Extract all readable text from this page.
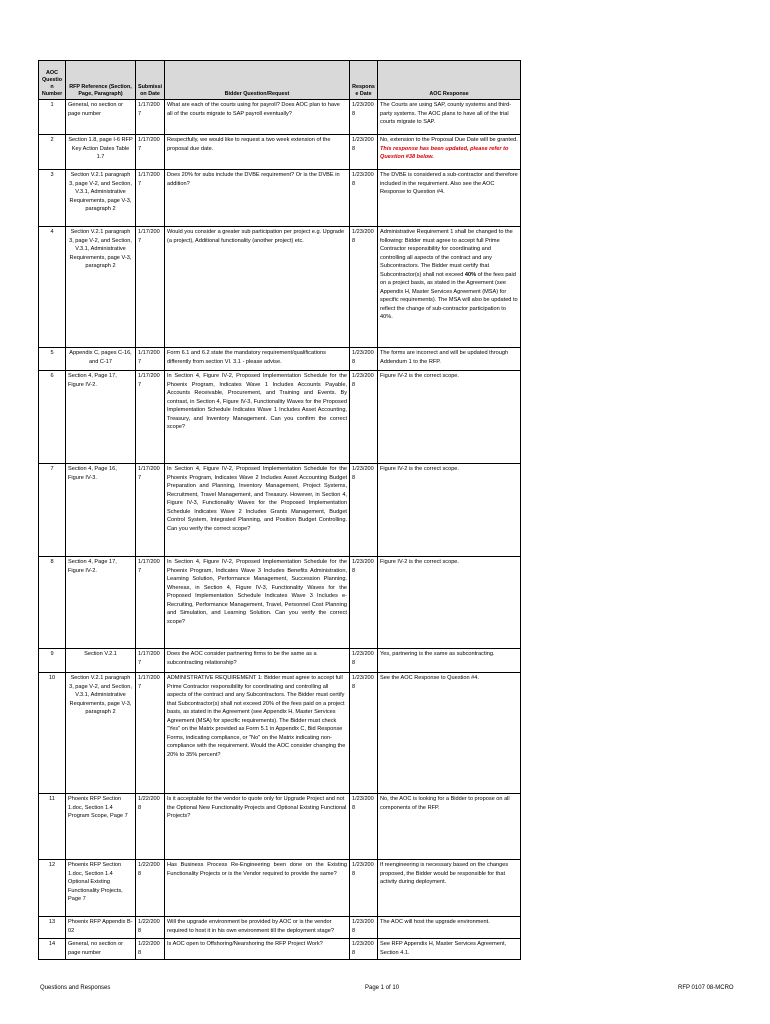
AOC Question Number	RFP Reference (Section, Page, Paragraph)	Submission Date	Bidder Question/Request	Response Date	AOC Response
1	General, no section or page number	1/17/2007	What are each of the courts using for payroll? Does AOC plan to have all of the courts migrate to SAP payroll eventually?	1/23/2008	The Courts are using SAP, county systems and third-party systems. The AOC plans to have all of the trial courts migrate to SAP.
2	Section 1.8, page I-6 RFP Key Action Dates Table 1.7	1/17/2007	Respectfully, we would like to request a two week extension of the proposal due date.	1/23/2008	No, extension to the Proposal Due Date will be granted.
This response has been updated, please refer to Question #38 below.

3	Section V.2.1 paragraph 3, page V-2, and Section, V.3.1, Administrative Requirements, page V-3, paragraph 2	1/17/2007	Does 20% for subs include the DVBE requirement? Or is the DVBE in addition?	1/23/2008	The DVBE is considered a sub-contractor and therefore included in the requirement. Also see the AOC Response to Question #4.
4	Section V.2.1 paragraph 3, page V-2, and Section, V.3.1, Administrative Requirements, page V-3, paragraph 2	1/17/2007	Would you consider a greater sub participation per project e.g. Upgrade (a project), Additional functionality (another project) etc.	1/23/2008	Administrative Requirement 1 shall be changed to the following: Bidder must agree to accept full Prime Contractor responsibility for coordinating and controlling all aspects of the contract and any Subcontractors. The Bidder must certify that Subcontractor(s) shall not exceed 40% of the fees paid on a project basis, as stated in the Agreement (see Appendix H, Master Services Agreement (MSA) for specific requirements). The MSA will also be updated to reflect the change of sub-contractor participation to 40%.
5	Appendix C, pages C-16, and C-17	1/17/2007	Form 6.1 and 6.2 state the mandatory requirement/qualifications differently from section VI. 3.1 - please advise.	1/23/2008	The forms are incorrect and will be updated through Addendum 1 to the RFP.
6	Section 4, Page 17, Figure IV-2.	1/17/2007	In Section 4, Figure IV-2, Proposed Implementation Schedule for the Phoenix Program, Indicates Wave 1 Includes Accounts Payable, Accounts Receivable, Procurement, and Training and Events. By contrast, in Section 4, Figure IV-3, Functionality Waves for the Proposed Implementation Schedule Indicates Wave 1 Includes Asset Accounting, Treasury, and Inventory Management. Can you confirm the correct scope?	1/23/2008	Figure IV-2 is the correct scope.
7	Section 4, Page 16, Figure IV-3.	1/17/2007	In Section 4, Figure IV-2, Proposed Implementation Schedule for the Phoenix Program, Indicates Wave 2 Includes Asset Accounting Budget Preparation and Planning, Inventory Management, Project Systems, Recruitment, Travel Management, and Treasury. However, in Section 4, Figure IV-3, Functionality Waves for the Proposed Implementation Schedule Indicates Wave 2 Includes Grants Management, Budget Control System, Integrated Planning, and Position Budget Controlling. Can you verify the correct scope?	1/23/2008	Figure IV-2 is the correct scope.
8	Section 4, Page 17, Figure IV-2.	1/17/2007	In Section 4, Figure IV-2, Proposed Implementation Schedule for the Phoenix Program, Indicates Wave 3 Includes Benefits Administration, Learning Solution, Performance Management, Succession Planning. Whereas, in Section 4, Figure IV-3, Functionality Waves for the Proposed Implementation Schedule Indicates Wave 3 Includes e-Recruiting, Performance Management, Travel, Personnel Cost Planning and Simulation, and Learning Solution. Can you verify the correct scope?	1/23/2008	Figure IV-2 is the correct scope.
9	Section V.2.1	1/17/2007	Does the AOC consider partnering firms to be the same as a subcontracting relationship?	1/23/2008	Yes, partnering is the same as subcontracting.
10	Section V.2.1 paragraph 3, page V-2, and Section, V.3.1, Administrative Requirements, page V-3, paragraph 2	1/17/2007	ADMINISTRATIVE REQUIREMENT 1: Bidder must agree to accept full Prime Contractor responsibility for coordinating and controlling all aspects of the contract and any Subcontractors. The Bidder must certify that Subcontractor(s) shall not exceed 20% of the fees paid on a project basis, as stated in the Agreement (see Appendix H, Master Services Agreement (MSA) for specific requirements). The Bidder must check "Yes" on the Matrix provided as Form 5.1 in Appendix C, Bid Response Forms, indicating compliance, or "No" on the Matrix indicating non-compliance with the requirement. Would the AOC consider changing the 20% to 35% percent?	1/23/2008	See the AOC Response to Question #4.
11	Phoenix RFP Section 1.doc, Section 1.4 Program Scope, Page 7	1/22/2008	Is it acceptable for the vendor to quote only for Upgrade Project and not the Optional New Functionality Projects and Optional Existing Functional Projects?	1/23/2008	No, the AOC is looking for a Bidder to propose on all components of the RFP.
12	Phoenix RFP Section 1.doc, Section 1.4 Optional Existing Functionality Projects, Page 7	1/22/2008	Has Business Process Re-Engineering been done on the Existing Functionality Projects or is the Vendor required to provide the same?	1/23/2008	If reengineering is necessary based on the changes proposed, the Bidder would be responsible for that activity during deployment.
13	Phoenix RFP Appendix B-02	1/22/2008	Will the upgrade environment be provided by AOC or is the vendor required to host it in his own environment till the deployment stage?	1/23/2008	The AOC will host the upgrade environment.
14	General, no section or page number	1/22/2008	Is AOC open to Offshoring/Nearshoring the RFP Project Work?	1/23/2008	See RFP Appendix H, Master Services Agreement, Section 4.1.
Questions and Responses	Page 1 of 10	RFP 0107 08-MCRO
